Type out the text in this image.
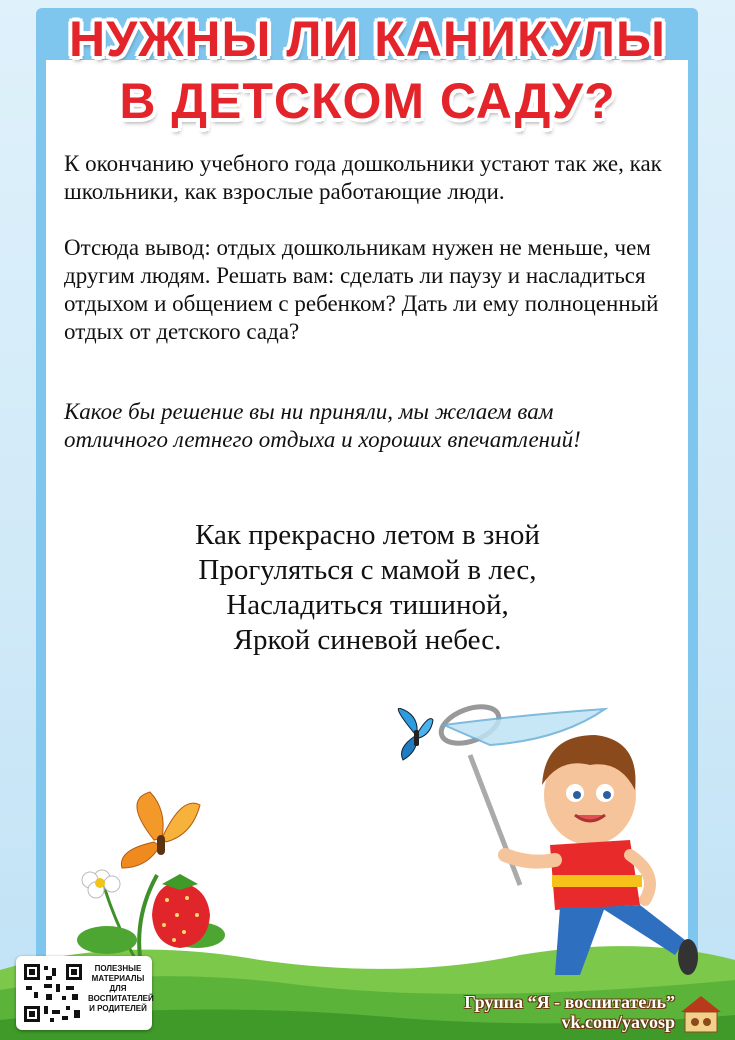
НУЖНЫ ЛИ КАНИКУЛЫ
В ДЕТСКОМ САДУ?

К окончанию учебного года дошкольники устают так же, как школьники, как взрослые работающие люди.

Отсюда вывод: отдых дошкольникам нужен не меньше, чем другим людям. Решать вам: сделать ли паузу и насладиться отдыхом и общением с ребенком? Дать ли ему полноценный отдых от детского сада?

Какое бы решение вы ни приняли, мы желаем вам отличного летнего отдыха и хороших впечатлений!

Как прекрасно летом в зной
Прогуляться с мамой в лес,
Насладиться тишиной,
Яркой синевой небес.
ПОЛЕЗНЫЕ
МАТЕРИАЛЫ
ДЛЯ
ВОСПИТАТЕЛЕЙ
И РОДИТЕЛЕЙ	Группа “Я - воспитатель”
vk.com/yavosp
